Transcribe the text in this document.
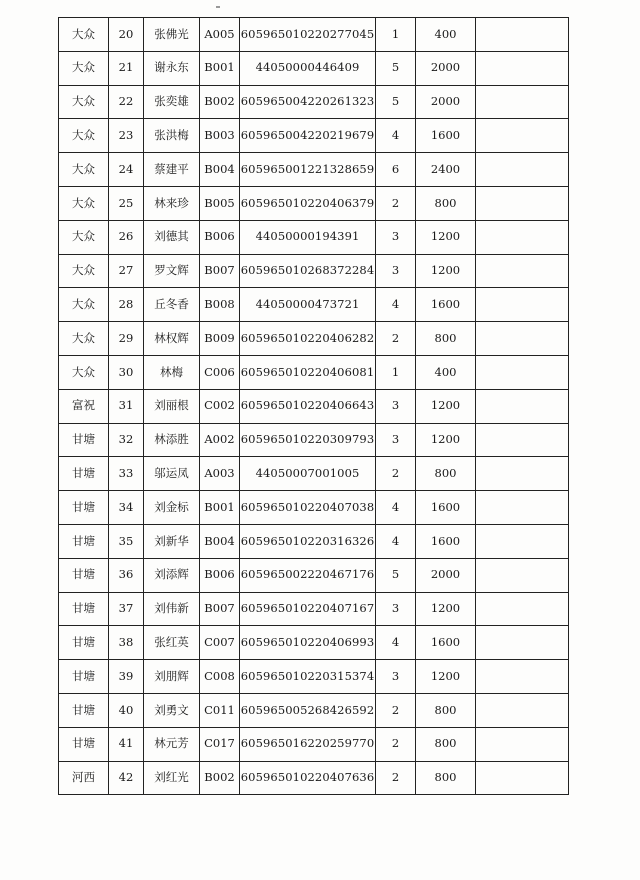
大众	20	张佛光	A005	605965010220277045	1	400	
大众	21	谢永东	B001	44050000446409	5	2000	
大众	22	张奕雄	B002	605965004220261323	5	2000	
大众	23	张洪梅	B003	605965004220219679	4	1600	
大众	24	蔡建平	B004	605965001221328659	6	2400	
大众	25	林来珍	B005	605965010220406379	2	800	
大众	26	刘德其	B006	44050000194391	3	1200	
大众	27	罗文辉	B007	605965010268372284	3	1200	
大众	28	丘冬香	B008	44050000473721	4	1600	
大众	29	林权辉	B009	605965010220406282	2	800	
大众	30	林梅	C006	605965010220406081	1	400	
富祝	31	刘丽根	C002	605965010220406643	3	1200	
甘塘	32	林添胜	A002	605965010220309793	3	1200	
甘塘	33	邬运凤	A003	44050007001005	2	800	
甘塘	34	刘金标	B001	605965010220407038	4	1600	
甘塘	35	刘新华	B004	605965010220316326	4	1600	
甘塘	36	刘添辉	B006	605965002220467176	5	2000	
甘塘	37	刘伟新	B007	605965010220407167	3	1200	
甘塘	38	张红英	C007	605965010220406993	4	1600	
甘塘	39	刘朋辉	C008	605965010220315374	3	1200	
甘塘	40	刘勇文	C011	605965005268426592	2	800	
甘塘	41	林元芳	C017	605965016220259770	2	800	
河西	42	刘红光	B002	605965010220407636	2	800	
